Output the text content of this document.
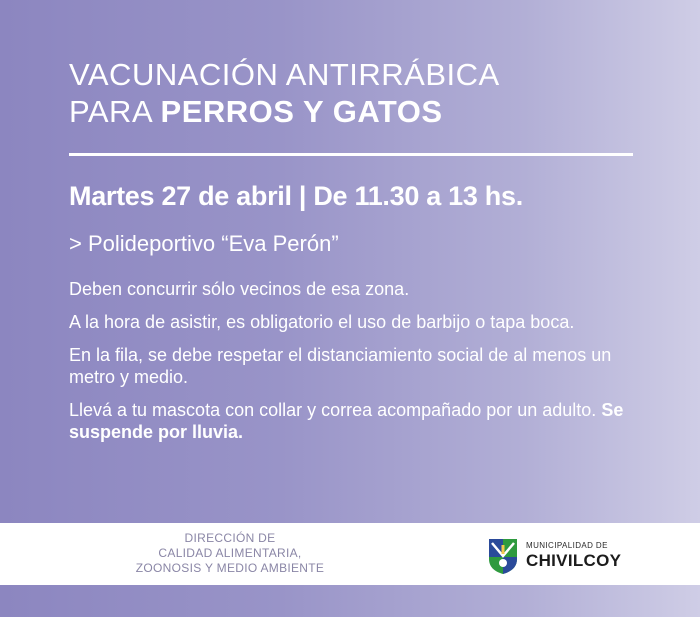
VACUNACIÓN ANTIRRÁBICA
PARA PERROS Y GATOS
Martes 27 de abril | De 11.30 a 13 hs.
> Polideportivo “Eva Perón”

Deben concurrir sólo vecinos de esa zona.

A la hora de asistir, es obligatorio el uso de barbijo o tapa boca.

En la fila, se debe respetar el distanciamiento social de al menos un metro y medio.

Llevá a tu mascota con collar y correa acompañado por un adulto. Se suspende por lluvia.

DIRECCIÓN DE
CALIDAD ALIMENTARIA,
ZOONOSIS Y MEDIO AMBIENTE
MUNICIPALIDAD DE
CHIVILCOY
